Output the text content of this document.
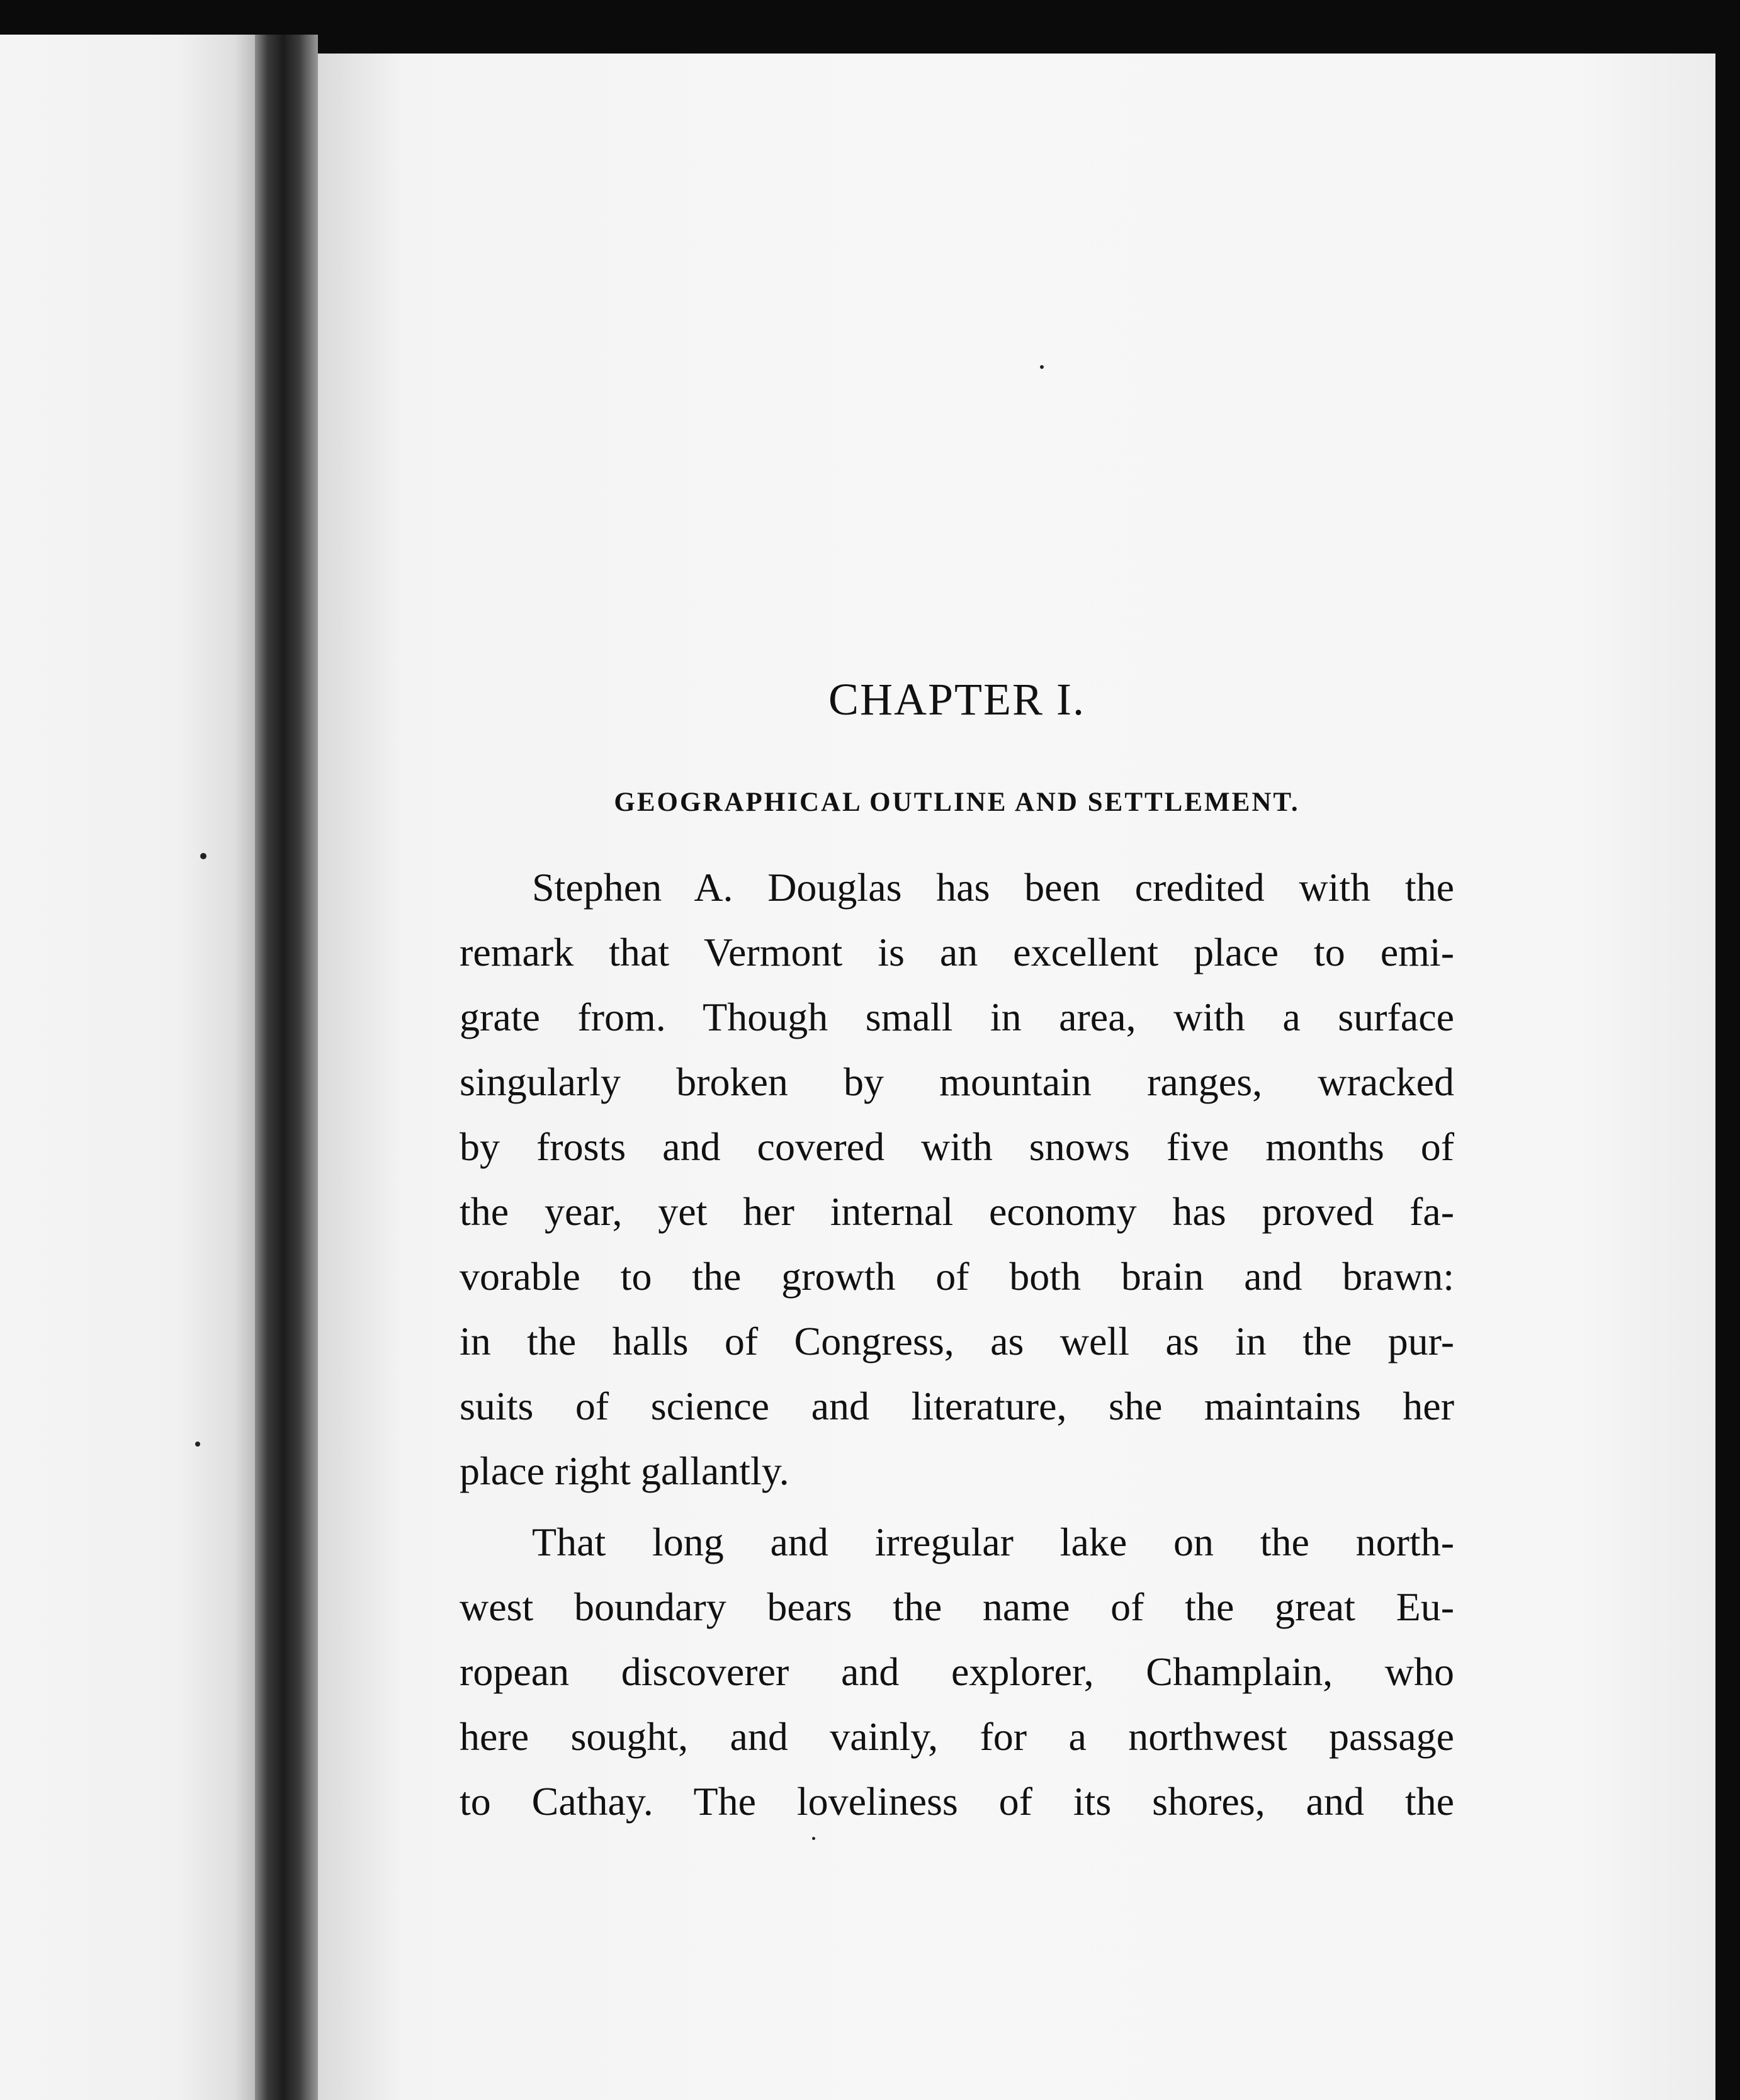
CHAPTER I.
GEOGRAPHICAL OUTLINE AND SETTLEMENT.
Stephen A. Douglas has been credited with the
remark that Vermont is an excellent place to emi-
grate from. Though small in area, with a surface
singularly broken by mountain ranges, wracked
by frosts and covered with snows five months of
the year, yet her internal economy has proved fa-
vorable to the growth of both brain and brawn:
in the halls of Congress, as well as in the pur-
suits of science and literature, she maintains her
place right gallantly.
That long and irregular lake on the north-
west boundary bears the name of the great Eu-
ropean discoverer and explorer, Champlain, who
here sought, and vainly, for a northwest passage
to Cathay. The loveliness of its shores, and the
